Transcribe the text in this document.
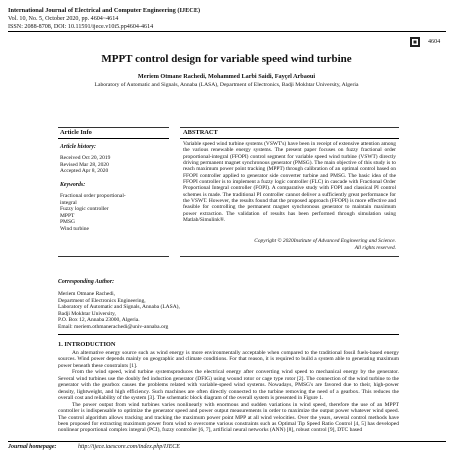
International Journal of Electrical and Computer Engineering (IJECE)
Vol. 10, No. 5, October 2020, pp. 4604~4614
ISSN: 2088-8708, DOI: 10.11591/ijece.v10i5.pp4604-4614
4604
MPPT control design for variable speed wind turbine
Meriem Otmane Rachedi, Mohammed Larbi Saidi, Fayçel Arbaoui
Laboratory of Automatic and Signals, Annaba (LASA), Department of Electronics, Badji Mokhtar University, Algeria
Article Info
Article history:
Received Oct 20, 2019
Revised Mar 28, 2020
Accepted Apr 8, 2020
Keywords:
Fractional order proportional-
integral
Fuzzy logic controller
MPPT
PMSG
Wind turbine
ABSTRACT

Variable speed wind turbine systems (VSWT's) have been in receipt of extensive attention among the various renewable energy systems. The present paper focuses on fuzzy fractional order proportional-integral (FFOPI) control segment for variable speed wind turbine (VSWT) directly driving permanent magnet synchronous generator (PMSG). The main objective of this study is to reach maximum power point tracking (MPPT) through calibration of an optimal control based on FFOPI controller applied to generator side converter turbine and PMSG. The basic idea of the FFOPI controller is to implement a fuzzy logic controller (FLC) in cascade with Fractional Order Proportional Integral controller (FOPI). A comparative study with FOPI and classical PI control schemes is made. The traditional PI controller cannot deliver a sufficiently great performance for the VSWT. However, the results found that the proposed approach (FFOPI) is more effective and feasible for controlling the permanent magnet synchronous generator to maintain maximum power extraction. The validation of results has been performed through simulation using Matlab/Simulink®.

Copyright © 2020Institute of Advanced Engineering and Science.
All rights reserved.
Corresponding Author:
Meriem Otmane Rachedi,
Department of Electronics Engineering,
Laboratory of Automatic and Signals, Annaba (LASA),
Badji Mokhtar University,
P.O. Box 12, Annaba 23000, Algeria.
Email: meriem.othmanerachedi@univ-annaba.org
1. INTRODUCTION

An alternative energy source such as wind energy is more environmentally acceptable when compared to the traditional fossil fuels-based energy sources. Wind power depends mainly on geographic and climate conditions. For that reason, it is required to build a system able to generating maximum power beneath these constraints [1].

From the wind speed, wind turbine systemsproduces the electrical energy after converting wind speed to mechanical energy by the generator. Several wind turbines use the doubly fed induction generator (DFIG) using wound rotor or cage type rotor [2]. The connection of the wind turbine to the generator with the gearbox causes the problems related with variable-speed wind systems. Nowadays, PMSG's are favored due to their, high-power density, lightweight, and high efficiency. Such machines are often directly connected to the turbine removing the need of a gearbox. This reduces the overall cost and reliability of the system [3]. The schematic block diagram of the overall system is presented in Figure 1.

The power output from wind turbines varies nonlinearly with enormous and sudden variations in wind speed, therefore the use of an MPPT controller is indispensable to optimize the generator speed and power output measurements in order to maximize the output power whatever wind speed. The control algorithm allows tracking and tracking the maximum power point MPP at all wind velocities. Over the years, several control methods have been proposed for extracting maximum power from wind to overcome various constraints such as Optimal Tip Speed Ratio Control [4, 5] has developed nonlinear proportional complex integral (PCI), fuzzy controller [6, 7], artificial neural networks (ANN) [8], robust control [9], DTC based

Journal homepage:	http://ijece.iaescore.com/index.php/IJECE
